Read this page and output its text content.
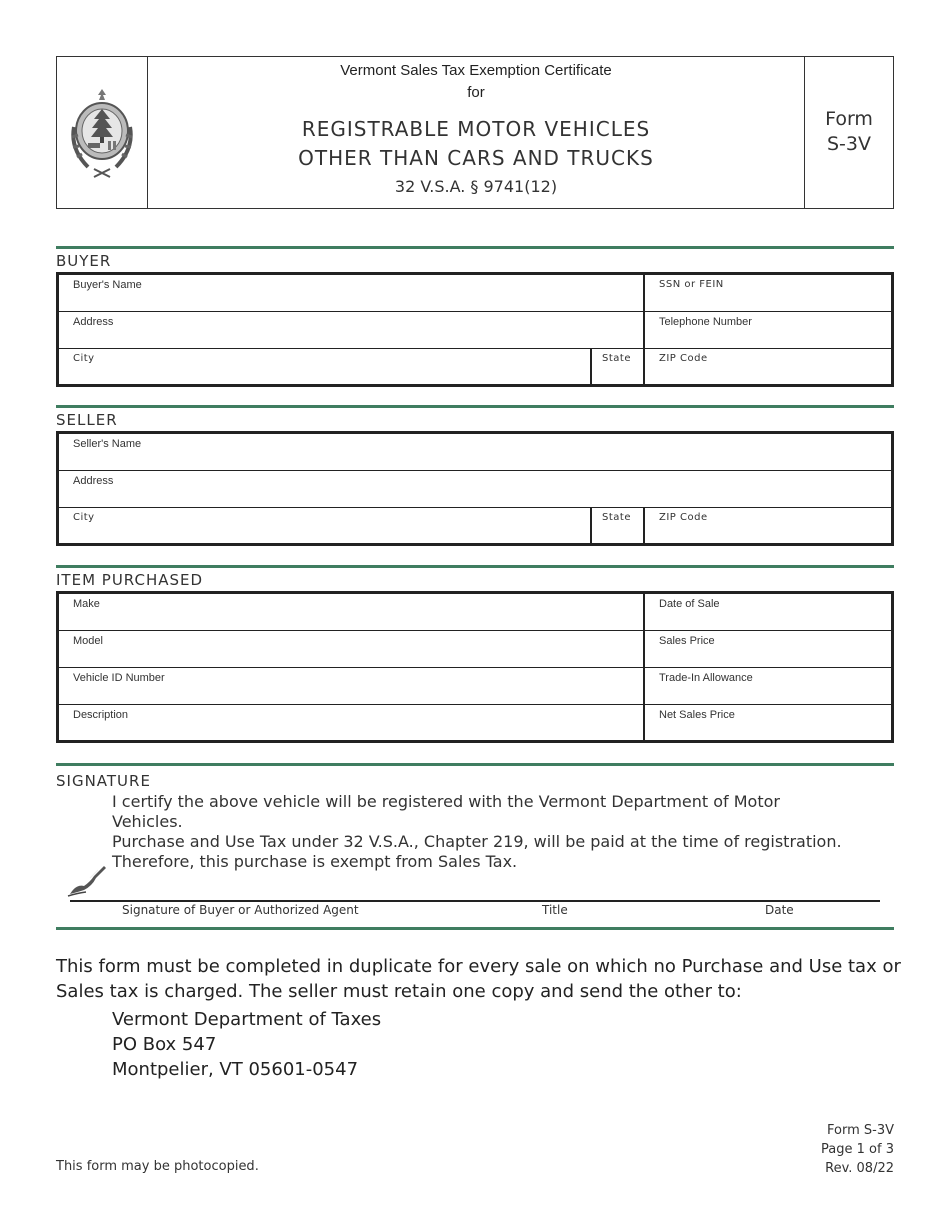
Vermont Sales Tax Exemption Certificate
for
REGISTRABLE MOTOR VEHICLES
OTHER THAN CARS AND TRUCKS
32 V.S.A. § 9741(12)
Form
S-3V
BUYER
Buyer's Name	SSN or FEIN
Address	Telephone Number
City	State	ZIP Code
SELLER
Seller's Name
Address
City	State	ZIP Code
ITEM PURCHASED
Make	Date of Sale
Model	Sales Price
Vehicle ID Number	Trade-In Allowance
Description	Net Sales Price
SIGNATURE
I certify the above vehicle will be registered with the Vermont Department of Motor Vehicles.
Purchase and Use Tax under 32 V.S.A., Chapter 219, will be paid at the time of registration.
Therefore, this purchase is exempt from Sales Tax.
Signature of Buyer or Authorized Agent	Title	Date
This form must be completed in duplicate for every sale on which no Purchase and Use tax or Sales tax is charged. The seller must retain one copy and send the other to:
Vermont Department of Taxes
PO Box 547
Montpelier, VT 05601-0547
This form may be photocopied.
Form S-3V
Page 1 of 3
Rev. 08/22
